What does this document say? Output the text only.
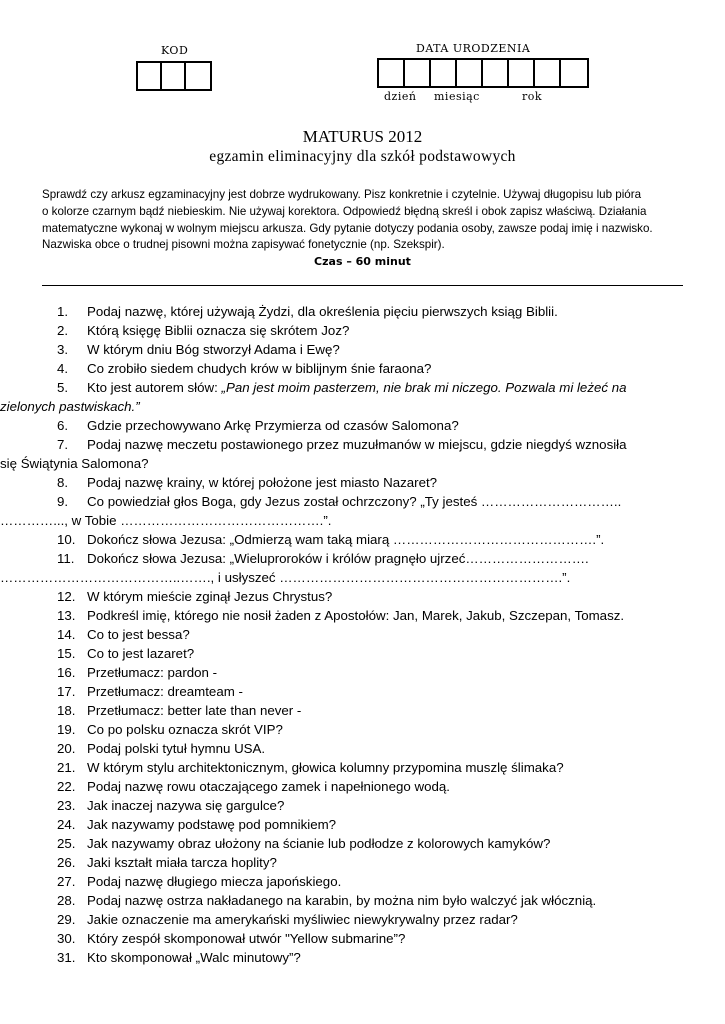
KOD	DATA URODZENIA
dzień miesiąc	rok
MATURUS 2012
egzamin eliminacyjny dla szkół podstawowych
Sprawdź czy arkusz egzaminacyjny jest dobrze wydrukowany. Pisz konkretnie i czytelnie. Używaj długopisu lub pióra
o kolorze czarnym bądź niebieskim. Nie używaj korektora. Odpowiedź błędną skreśl i obok zapisz właściwą. Działania
matematyczne wykonaj w wolnym miejscu arkusza. Gdy pytanie dotyczy podania osoby, zawsze podaj imię i nazwisko.
Nazwiska obce o trudnej pisowni można zapisywać fonetycznie (np. Szekspir).
Czas – 60 minut
1. Podaj nazwę, której używają Żydzi, dla określenia pięciu pierwszych ksiąg Biblii.
2. Którą księgę Biblii oznacza się skrótem Joz?
3. W którym dniu Bóg stworzył Adama i Ewę?
4. Co zrobiło siedem chudych krów w biblijnym śnie faraona?
5. Kto jest autorem słów: „Pan jest moim pasterzem, nie brak mi niczego. Pozwala mi leżeć na
zielonych pastwiskach.”
6. Gdzie przechowywano Arkę Przymierza od czasów Salomona?
7. Podaj nazwę meczetu postawionego przez muzułmanów w miejscu, gdzie niegdyś wznosiła
się Świątynia Salomona?
8. Podaj nazwę krainy, w której położone jest miasto Nazaret?
9. Co powiedział głos Boga, gdy Jezus został ochrzczony? „Ty jesteś …………………………..
…………..., w Tobie ……………………………………….”.
10. Dokończ słowa Jezusa: „Odmierzą wam taką miarą ……………………………………….”.
11. Dokończ słowa Jezusa: „Wieluproroków i królów pragnęło ujrzeć……………………….
…………………………………..……., i usłyszeć ……………………………………………………….”.
12. W którym mieście zginął Jezus Chrystus?
13. Podkreśl imię, którego nie nosił żaden z Apostołów: Jan, Marek, Jakub, Szczepan, Tomasz.
14. Co to jest bessa?
15. Co to jest lazaret?
16. Przetłumacz: pardon -
17. Przetłumacz: dreamteam -
18. Przetłumacz: better late than never -
19. Co po polsku oznacza skrót VIP?
20. Podaj polski tytuł hymnu USA.
21. W którym stylu architektonicznym, głowica kolumny przypomina muszlę ślimaka?
22. Podaj nazwę rowu otaczającego zamek i napełnionego wodą.
23. Jak inaczej nazywa się gargulce?
24. Jak nazywamy podstawę pod pomnikiem?
25. Jak nazywamy obraz ułożony na ścianie lub podłodze z kolorowych kamyków?
26. Jaki kształt miała tarcza hoplity?
27. Podaj nazwę długiego miecza japońskiego.
28. Podaj nazwę ostrza nakładanego na karabin, by można nim było walczyć jak włócznią.
29. Jakie oznaczenie ma amerykański myśliwiec niewykrywalny przez radar?
30. Który zespół skomponował utwór "Yellow submarine”?
31. Kto skomponował „Walc minutowy”?
